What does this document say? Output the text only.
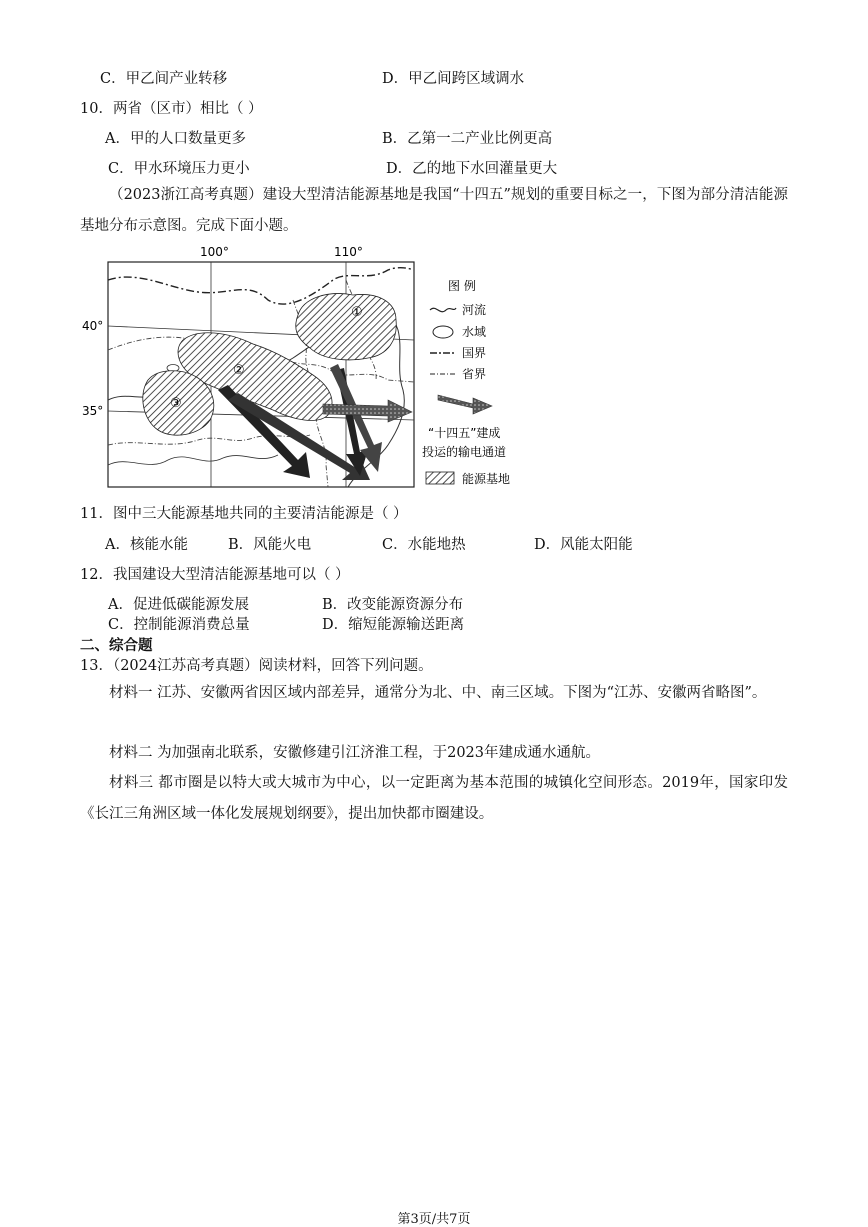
C．甲乙间产业转移	D．甲乙间跨区域调水
10．两省（区市）相比（ ）
A．甲的人口数量更多	B．乙第一二产业比例更高
C．甲水环境压力更小	D．乙的地下水回灌量更大
（2023浙江高考真题）建设大型清洁能源基地是我国“十四五”规划的重要目标之一，下图为部分清洁能源基地分布示意图。完成下面小题。
①
②
③
100°	110°
40°
35°
图 例
河流
水域
国界
省界
“十四五”建成
投运的输电通道
能源基地
11．图中三大能源基地共同的主要清洁能源是（ ）
A．核能水能	B．风能火电	C．水能地热	D．风能太阳能
12．我国建设大型清洁能源基地可以（ ）
A．促进低碳能源发展	B．改变能源资源分布
C．控制能源消费总量	D．缩短能源输送距离
二、综合题
13．（2024江苏高考真题）阅读材料，回答下列问题。
材料一 江苏、安徽两省因区域内部差异，通常分为北、中、南三区域。下图为“江苏、安徽两省略图”。
材料二 为加强南北联系，安徽修建引江济淮工程，于2023年建成通水通航。
材料三 都市圈是以特大或大城市为中心，以一定距离为基本范围的城镇化空间形态。2019年，国家印发《长江三角洲区域一体化发展规划纲要》，提出加快都市圈建设。
第3页/共7页
